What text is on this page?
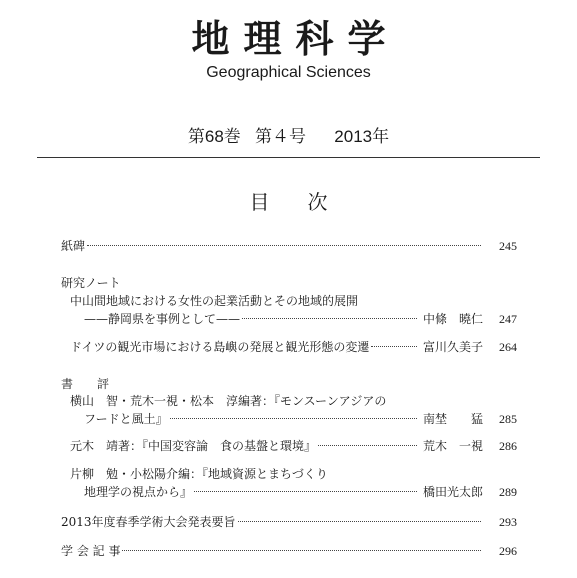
地理科学
Geographical Sciences
第68巻 第４号 2013年
目次
紙碑	245
研究ノート
中山間地域における女性の起業活動とその地域的展開
——静岡県を事例として——	中條　曉仁	247
ドイツの観光市場における島嶼の発展と観光形態の変遷	富川久美子	264
書　評
横山　智・荒木一視・松本　淳編著：『モンスーンアジアの
フードと風土』	南埜　　猛	285
元木　靖著：『中国変容論　食の基盤と環境』	荒木　一視	286
片柳　勉・小松陽介編：『地域資源とまちづくり
地理学の視点から』	橋田光太郎	289
2013年度春季学術大会発表要旨	293
学 会 記 事	296
